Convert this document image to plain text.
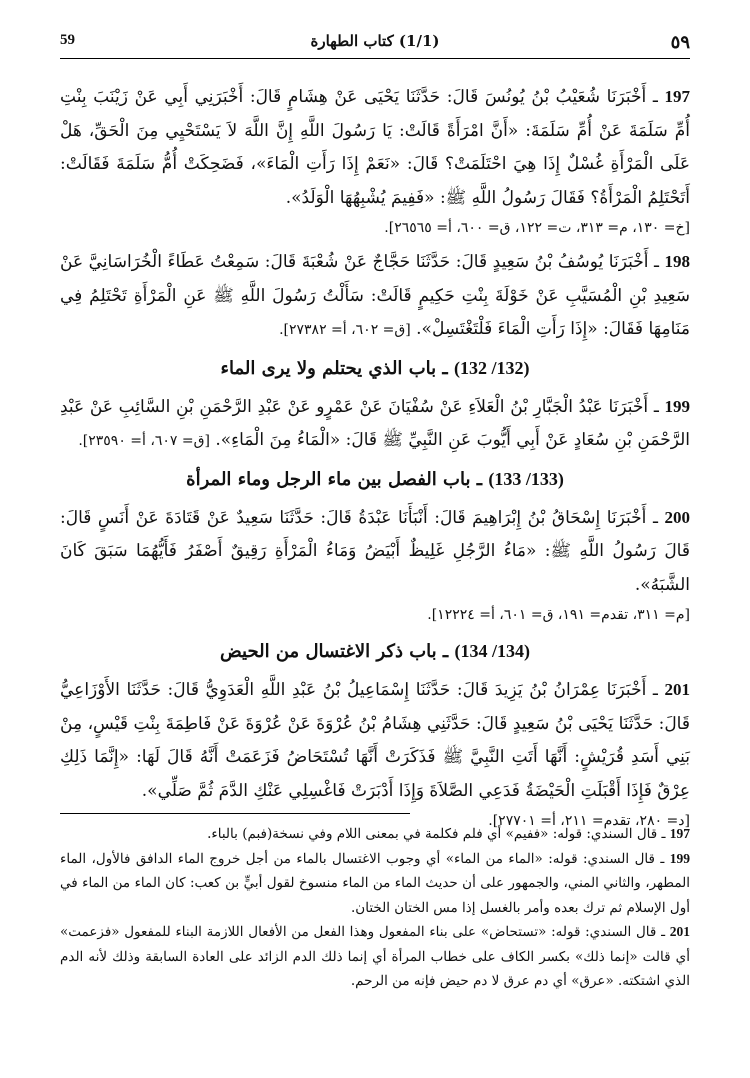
٥٩
(1/1) كتاب الطهارة
59

197 ـ أَخْبَرَنَا شُعَيْبُ بْنُ يُونُسَ قَالَ: حَدَّثَنَا يَحْيَى عَنْ هِشَامٍ قَالَ: أَخْبَرَنِي أَبِي عَنْ زَيْنَبَ بِنْتِ أُمِّ سَلَمَةَ عَنْ أُمِّ سَلَمَةَ: «أَنَّ امْرَأَةً قَالَتْ: يَا رَسُولَ اللَّهِ إِنَّ اللَّهَ لاَ يَسْتَحْيِي مِنَ الْحَقِّ، هَلْ عَلَى الْمَرْأَةِ غُسْلٌ إِذَا هِيَ احْتَلَمَتْ؟ قَالَ: «نَعَمْ إِذَا رَأَتِ الْمَاءَ»، فَضَحِكَتْ أُمُّ سَلَمَةَ فَقَالَتْ: أَتَحْتَلِمُ الْمَرْأَةُ؟ فَقَالَ رَسُولُ اللَّهِ ﷺ: «فَفِيمَ يُشْبِهُهَا الْوَلَدُ».

[خ= ١٣٠، م= ٣١٣، ت= ١٢٢، ق= ٦٠٠، أ= ٢٦٥٦٥].

198 ـ أَخْبَرَنَا يُوسُفُ بْنُ سَعِيدٍ قَالَ: حَدَّثَنَا حَجَّاجٌ عَنْ شُعْبَةَ قَالَ: سَمِعْتُ عَطَاءً الْخُرَاسَانِيَّ عَنْ سَعِيدِ بْنِ الْمُسَيَّبِ عَنْ خَوْلَةَ بِنْتِ حَكِيمٍ قَالَتْ: سَأَلْتُ رَسُولَ اللَّهِ ﷺ عَنِ الْمَرْأَةِ تَحْتَلِمُ فِي مَنَامِهَا فَقَالَ: «إِذَا رَأَتِ الْمَاءَ فَلْتَغْتَسِلْ». [ق= ٦٠٢، أ= ٢٧٣٨٢].

(132/ 132) ـ باب الذي يحتلم ولا يرى الماء

199 ـ أَخْبَرَنَا عَبْدُ الْجَبَّارِ بْنُ الْعَلاَءِ عَنْ سُفْيَانَ عَنْ عَمْرٍو عَنْ عَبْدِ الرَّحْمَنِ بْنِ السَّائِبِ عَنْ عَبْدِ الرَّحْمَنِ بْنِ سُعَادٍ عَنْ أَبِي أَيُّوبَ عَنِ النَّبِيِّ ﷺ قَالَ: «الْمَاءُ مِنَ الْمَاءِ». [ق= ٦٠٧، أ= ٢٣٥٩٠].

(133/ 133) ـ باب الفصل بين ماء الرجل وماء المرأة

200 ـ أَخْبَرَنَا إِسْحَاقُ بْنُ إِبْرَاهِيمَ قَالَ: أَنْبَأَنَا عَبْدَةُ قَالَ: حَدَّثَنَا سَعِيدٌ عَنْ قَتَادَةَ عَنْ أَنَسٍ قَالَ: قَالَ رَسُولُ اللَّهِ ﷺ: «مَاءُ الرَّجُلِ غَلِيظٌ أَبْيَضُ وَمَاءُ الْمَرْأَةِ رَقِيقٌ أَصْفَرُ فَأَيُّهُمَا سَبَقَ كَانَ الشَّبَهُ».

[م= ٣١١، تقدم= ١٩١، ق= ٦٠١، أ= ١٢٢٢٤].

(134/ 134) ـ باب ذكر الاغتسال من الحيض

201 ـ أَخْبَرَنَا عِمْرَانُ بْنُ يَزِيدَ قَالَ: حَدَّثَنَا إِسْمَاعِيلُ بْنُ عَبْدِ اللَّهِ الْعَدَوِيُّ قَالَ: حَدَّثَنَا الأَوْزَاعِيُّ قَالَ: حَدَّثَنَا يَحْيَى بْنُ سَعِيدٍ قَالَ: حَدَّثَنِي هِشَامُ بْنُ عُرْوَةَ عَنْ عُرْوَةَ عَنْ فَاطِمَةَ بِنْتِ قَيْسٍ، مِنْ بَنِي أَسَدِ قُرَيْشٍ: أَنَّهَا أَتَتِ النَّبِيَّ ﷺ فَذَكَرَتْ أَنَّهَا تُسْتَحَاضُ فَزَعَمَتْ أَنَّهُ قَالَ لَهَا: «إِنَّمَا ذَلِكِ عِرْقٌ فَإِذَا أَقْبَلَتِ الْحَيْضَةُ فَدَعِي الصَّلاَةَ وَإِذَا أَدْبَرَتْ فَاغْسِلِي عَنْكِ الدَّمَ ثُمَّ صَلِّي».

[د= ٢٨٠، تقدم= ٢١١، أ= ٢٧٧٠١].

197 ـ قال السندي: قوله: «ففيم» أي فلم فكلمة في بمعنى اللام وفي نسخة(فبم) بالباء.

199 ـ قال السندي: قوله: «الماء من الماء» أي وجوب الاغتسال بالماء من أجل خروج الماء الدافق فالأول، الماء المطهر، والثاني المني، والجمهور على أن حديث الماء من الماء منسوخ لقول أبيٍّ بن كعب: كان الماء من الماء في أول الإسلام ثم ترك بعده وأمر بالغسل إذا مس الختان الختان.

201 ـ قال السندي: قوله: «تستحاض» على بناء المفعول وهذا الفعل من الأفعال اللازمة البناء للمفعول «فزعمت» أي قالت «إنما ذلك» بكسر الكاف على خطاب المرأة أي إنما ذلك الدم الزائد على العادة السابقة وذلك لأنه الدم الذي اشتكته. «عرق» أي دم عرق لا دم حيض فإنه من الرحم.
